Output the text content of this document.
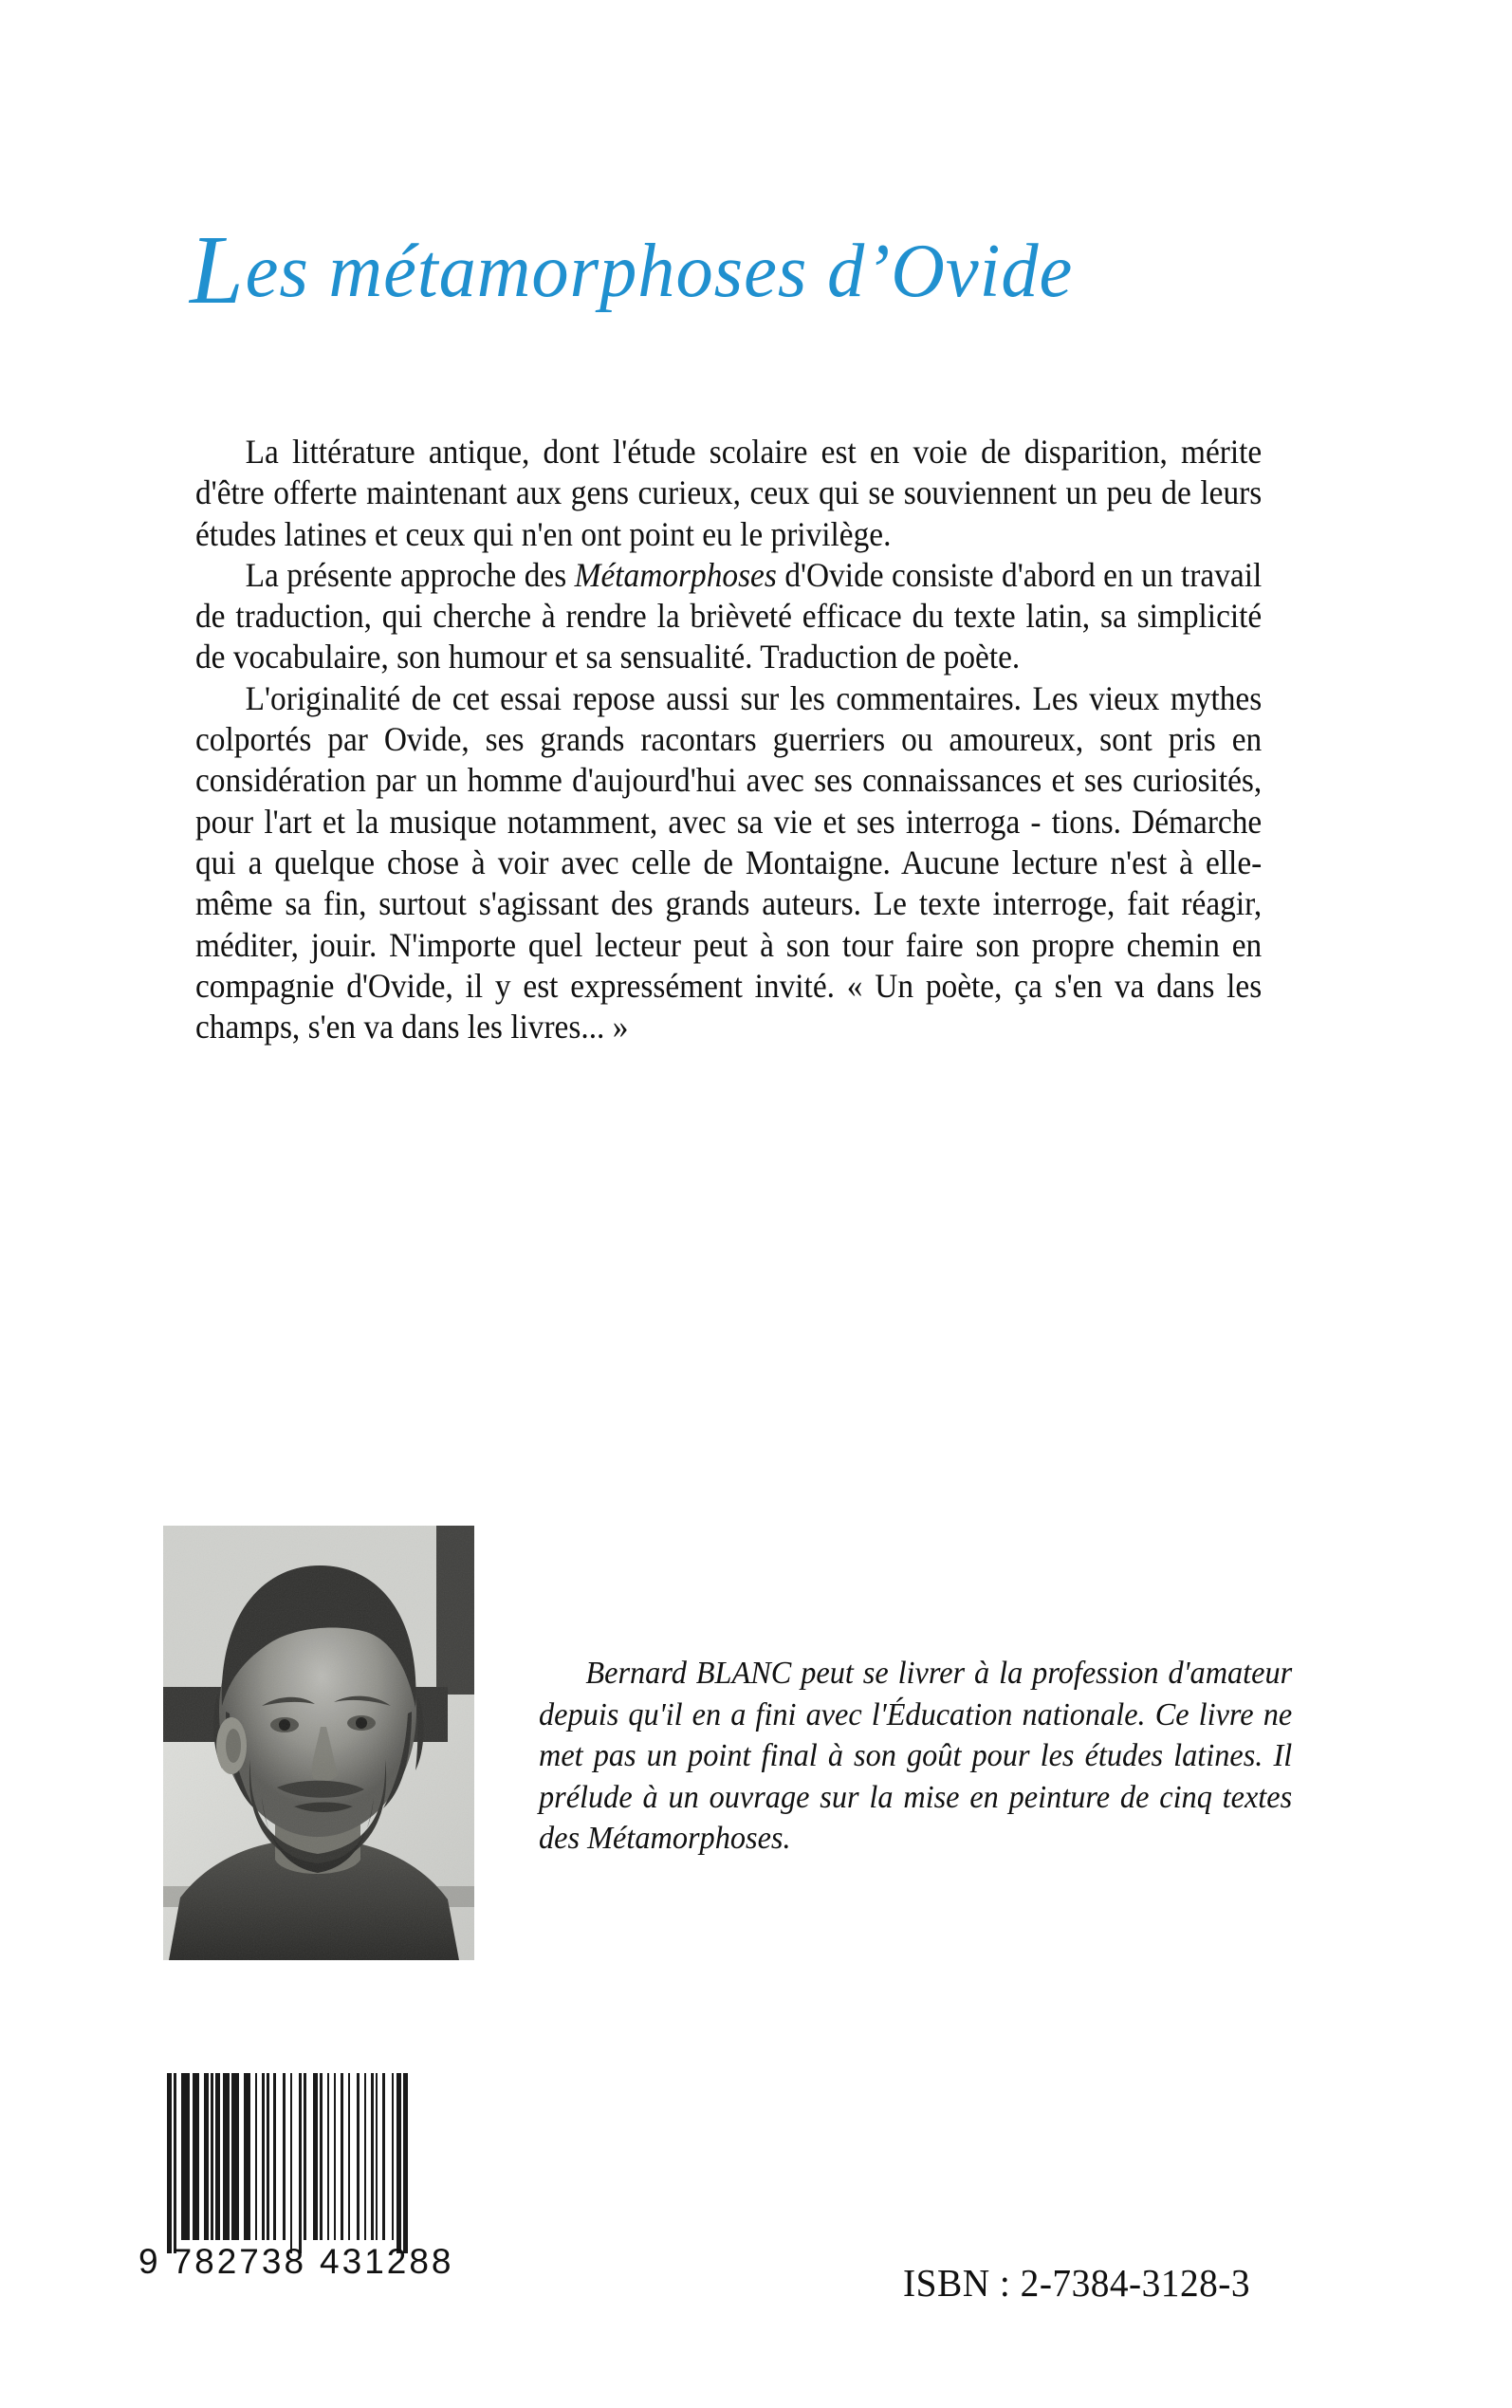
Les métamorphoses d’Ovide

La littérature antique, dont l'étude scolaire est en voie de disparition, mérite d'être offerte maintenant aux gens curieux, ceux qui se souviennent un peu de leurs études latines et ceux qui n'en ont point eu le privilège.

La présente approche des Métamorphoses d'Ovide consiste d'abord en un travail de traduction, qui cherche à rendre la brièveté efficace du texte latin, sa simplicité de vocabulaire, son humour et sa sensualité. Traduction de poète.

L'originalité de cet essai repose aussi sur les commentaires. Les vieux mythes colportés par Ovide, ses grands racontars guerriers ou amoureux, sont pris en considération par un homme d'aujourd'hui avec ses connaissances et ses curiosités, pour l'art et la musique notamment, avec sa vie et ses interroga - tions. Démarche qui a quelque chose à voir avec celle de Montaigne. Aucune lecture n'est à elle-même sa fin, surtout s'agissant des grands auteurs. Le texte interroge, fait réagir, méditer, jouir. N'importe quel lecteur peut à son tour faire son propre chemin en compagnie d'Ovide, il y est expressément invité. « Un poète, ça s'en va dans les champs, s'en va dans les livres... »

Bernard BLANC peut se livrer à la profession d'amateur depuis qu'il en a fini avec l'Éducation nationale. Ce livre ne met pas un point final à son goût pour les études latines. Il prélude à un ouvrage sur la mise en peinture de cinq textes des Métamorphoses.

9 782738 431288	ISBN : 2-7384-3128-3
